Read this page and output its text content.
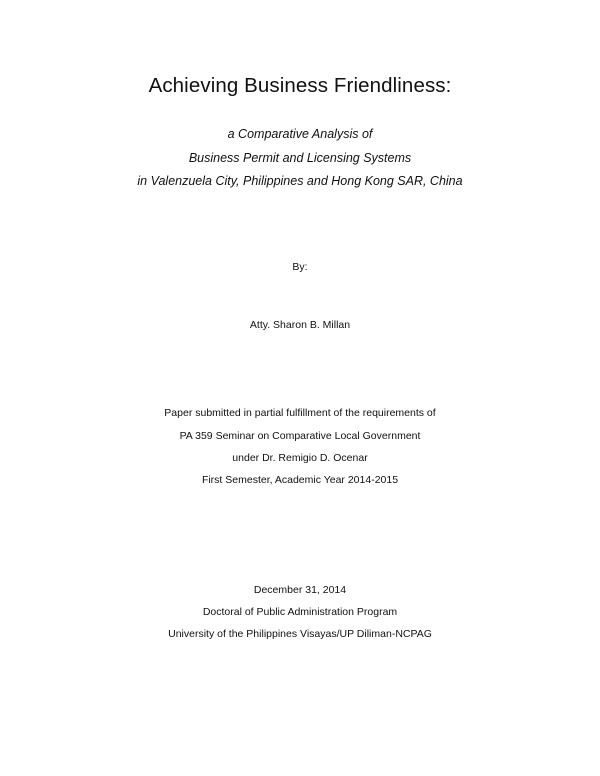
Achieving Business Friendliness:
a Comparative Analysis of
Business Permit and Licensing Systems
in Valenzuela City, Philippines and Hong Kong SAR, China
By:
Atty. Sharon B. Millan
Paper submitted in partial fulfillment of the requirements of
PA 359 Seminar on Comparative Local Government
under Dr. Remigio D. Ocenar
First Semester, Academic Year 2014-2015
December 31, 2014
Doctoral of Public Administration Program
University of the Philippines Visayas/UP Diliman-NCPAG
